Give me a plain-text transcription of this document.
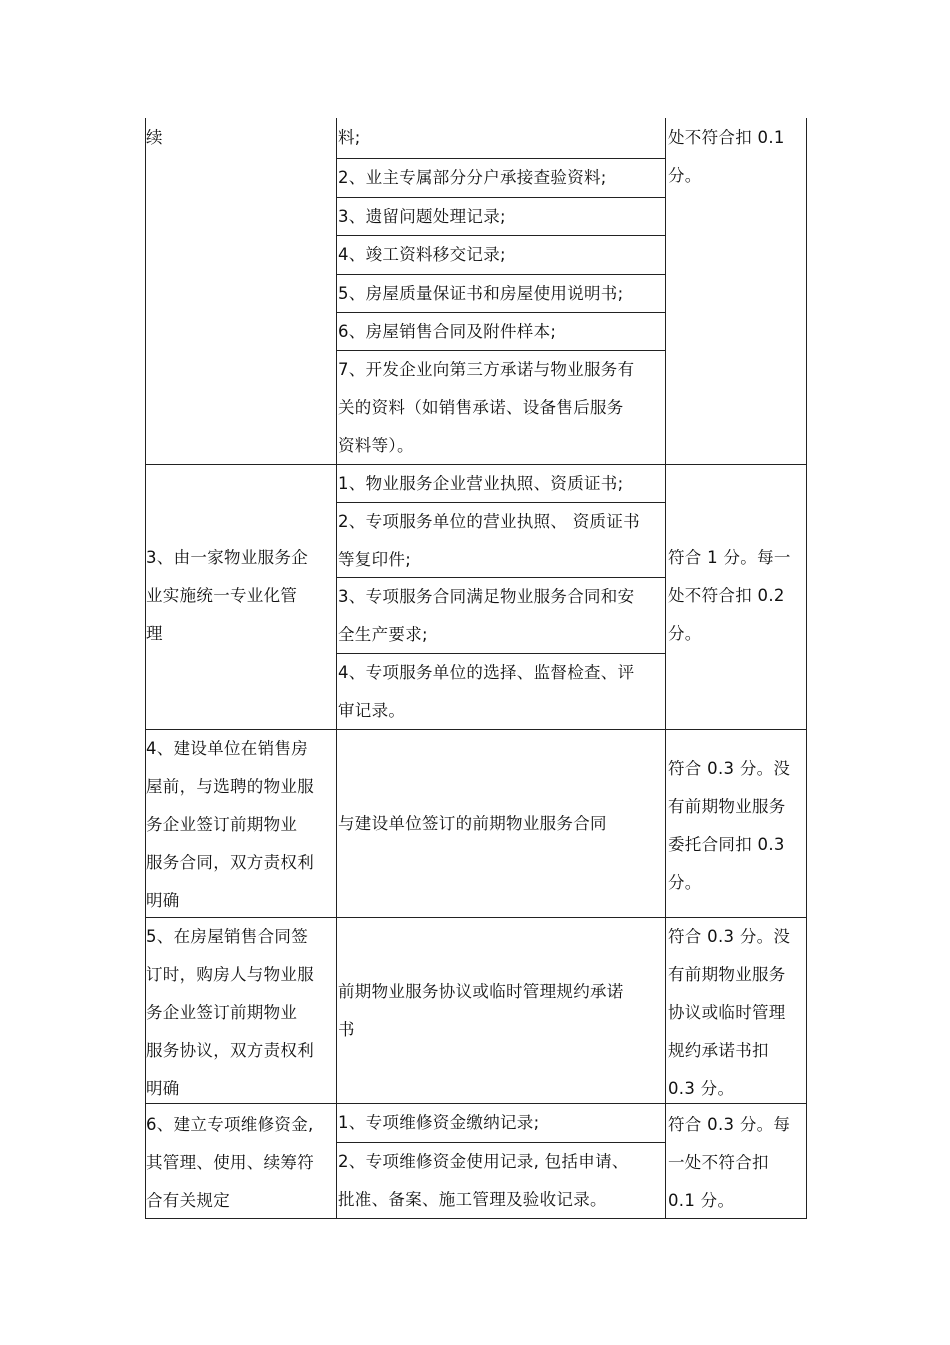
续	处不符合扣 0.1
分。
料;
2、业主专属部分分户承接查验资料;
3、遗留问题处理记录;
4、竣工资料移交记录;
5、房屋质量保证书和房屋使用说明书;
6、房屋销售合同及附件样本;
7、开发企业向第三方承诺与物业服务有
关的资料（如销售承诺、设备售后服务
资料等）。
3、由一家物业服务企
业实施统一专业化管
理
符合 1 分。每一
处不符合扣 0.2
分。
1、物业服务企业营业执照、资质证书;
2、专项服务单位的营业执照、 资质证书
等复印件;
3、专项服务合同满足物业服务合同和安
全生产要求;
4、专项服务单位的选择、监督检查、评
审记录。
4、建设单位在销售房
屋前，与选聘的物业服
务企业签订前期物业
服务合同，双方责权利
明确
符合 0.3 分。没
有前期物业服务
委托合同扣 0.3
分。
与建设单位签订的前期物业服务合同
5、在房屋销售合同签
订时，购房人与物业服
务企业签订前期物业
服务协议，双方责权利
明确
符合 0.3 分。没
有前期物业服务
协议或临时管理
规约承诺书扣
0.3 分。
前期物业服务协议或临时管理规约承诺
书
6、建立专项维修资金,
其管理、使用、续筹符
合有关规定
符合 0.3 分。每
一处不符合扣
0.1 分。
1、专项维修资金缴纳记录;
2、专项维修资金使用记录, 包括申请、
批准、备案、施工管理及验收记录。
